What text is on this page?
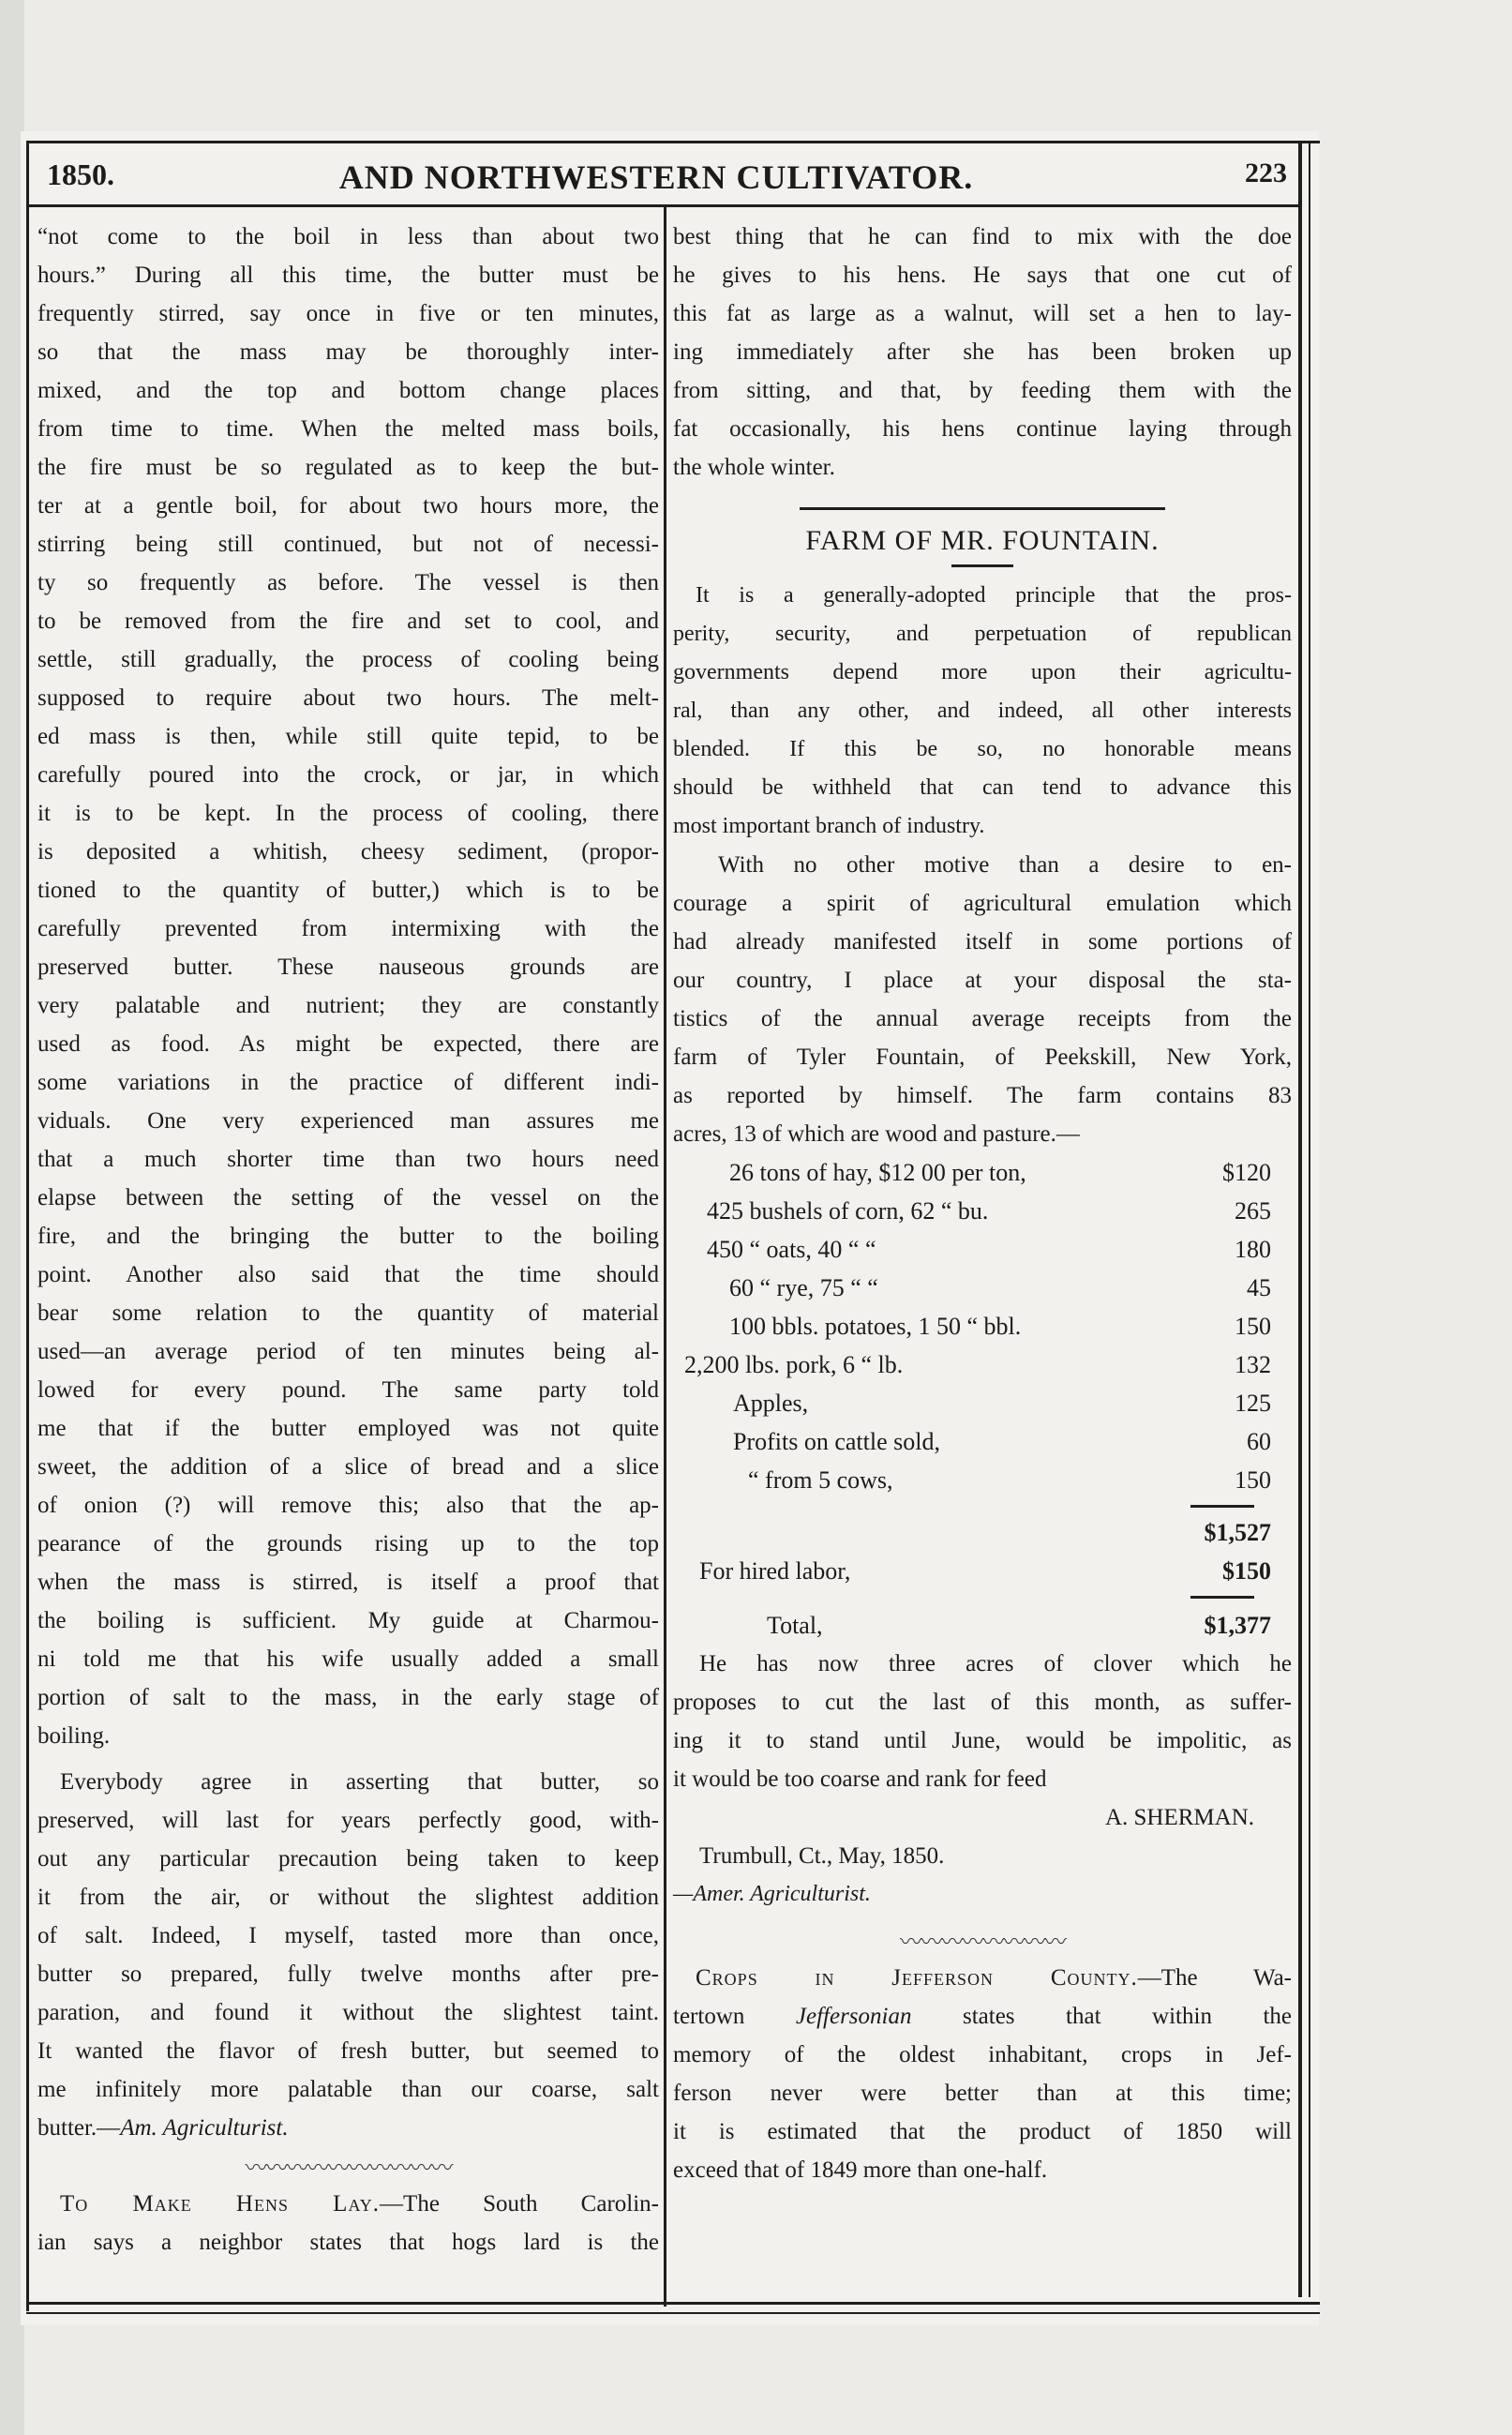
1850.	AND NORTHWESTERN CULTIVATOR.	223
“not come to the boil in less than about two
hours.” During all this time, the butter must be
frequently stirred, say once in five or ten minutes,
so that the mass may be thoroughly inter-
mixed, and the top and bottom change places
from time to time. When the melted mass boils,
the fire must be so regulated as to keep the but-
ter at a gentle boil, for about two hours more, the
stirring being still continued, but not of necessi-
ty so frequently as before. The vessel is then
to be removed from the fire and set to cool, and
settle, still gradually, the process of cooling being
supposed to require about two hours. The melt-
ed mass is then, while still quite tepid, to be
carefully poured into the crock, or jar, in which
it is to be kept. In the process of cooling, there
is deposited a whitish, cheesy sediment, (propor-
tioned to the quantity of butter,) which is to be
carefully prevented from intermixing with the
preserved butter. These nauseous grounds are
very palatable and nutrient; they are constantly
used as food. As might be expected, there are
some variations in the practice of different indi-
viduals. One very experienced man assures me
that a much shorter time than two hours need
elapse between the setting of the vessel on the
fire, and the bringing the butter to the boiling
point. Another also said that the time should
bear some relation to the quantity of material
used—an average period of ten minutes being al-
lowed for every pound. The same party told
me that if the butter employed was not quite
sweet, the addition of a slice of bread and a slice
of onion (?) will remove this; also that the ap-
pearance of the grounds rising up to the top
when the mass is stirred, is itself a proof that
the boiling is sufficient. My guide at Charmou-
ni told me that his wife usually added a small
portion of salt to the mass, in the early stage of
boiling.
Everybody agree in asserting that butter, so
preserved, will last for years perfectly good, with-
out any particular precaution being taken to keep
it from the air, or without the slightest addition
of salt. Indeed, I myself, tasted more than once,
butter so prepared, fully twelve months after pre-
paration, and found it without the slightest taint.
It wanted the flavor of fresh butter, but seemed to
me infinitely more palatable than our coarse, salt
butter.—Am. Agriculturist.
〰〰〰〰〰〰〰〰〰〰
To Make Hens Lay.—The South Carolin-
ian says a neighbor states that hogs lard is the
best thing that he can find to mix with the doe
he gives to his hens. He says that one cut of
this fat as large as a walnut, will set a hen to lay-
ing immediately after she has been broken up
from sitting, and that, by feeding them with the
fat occasionally, his hens continue laying through
the whole winter.
FARM OF MR. FOUNTAIN.
It is a generally-adopted principle that the pros-
perity, security, and perpetuation of republican
governments depend more upon their agricultu-
ral, than any other, and indeed, all other interests
blended. If this be so, no honorable means
should be withheld that can tend to advance this
most important branch of industry.
With no other motive than a desire to en-
courage a spirit of agricultural emulation which
had already manifested itself in some portions of
our country, I place at your disposal the sta-
tistics of the annual average receipts from the
farm of Tyler Fountain, of Peekskill, New York,
as reported by himself. The farm contains 83
acres, 13 of which are wood and pasture.—
26 tons of hay, $12 00 per ton,	$120
425 bushels of corn, 62 “ bu.	265
450 “ oats, 40 “ “	180
60 “ rye, 75 “ “	45
100 bbls. potatoes, 1 50 “ bbl.	150
2,200 lbs. pork, 6 “ lb.	132
Apples,	125
Profits on cattle sold,	60
“ from 5 cows,	150
	$1,527
For hired labor,	$150
Total,	$1,377
He has now three acres of clover which he
proposes to cut the last of this month, as suffer-
ing it to stand until June, would be impolitic, as
it would be too coarse and rank for feed
A. SHERMAN.
Trumbull, Ct., May, 1850.
—Amer. Agriculturist.
〰〰〰〰〰〰〰〰
Crops in Jefferson County.—The Wa-
tertown Jeffersonian states that within the
memory of the oldest inhabitant, crops in Jef-
ferson never were better than at this time;
it is estimated that the product of 1850 will
exceed that of 1849 more than one-half.
